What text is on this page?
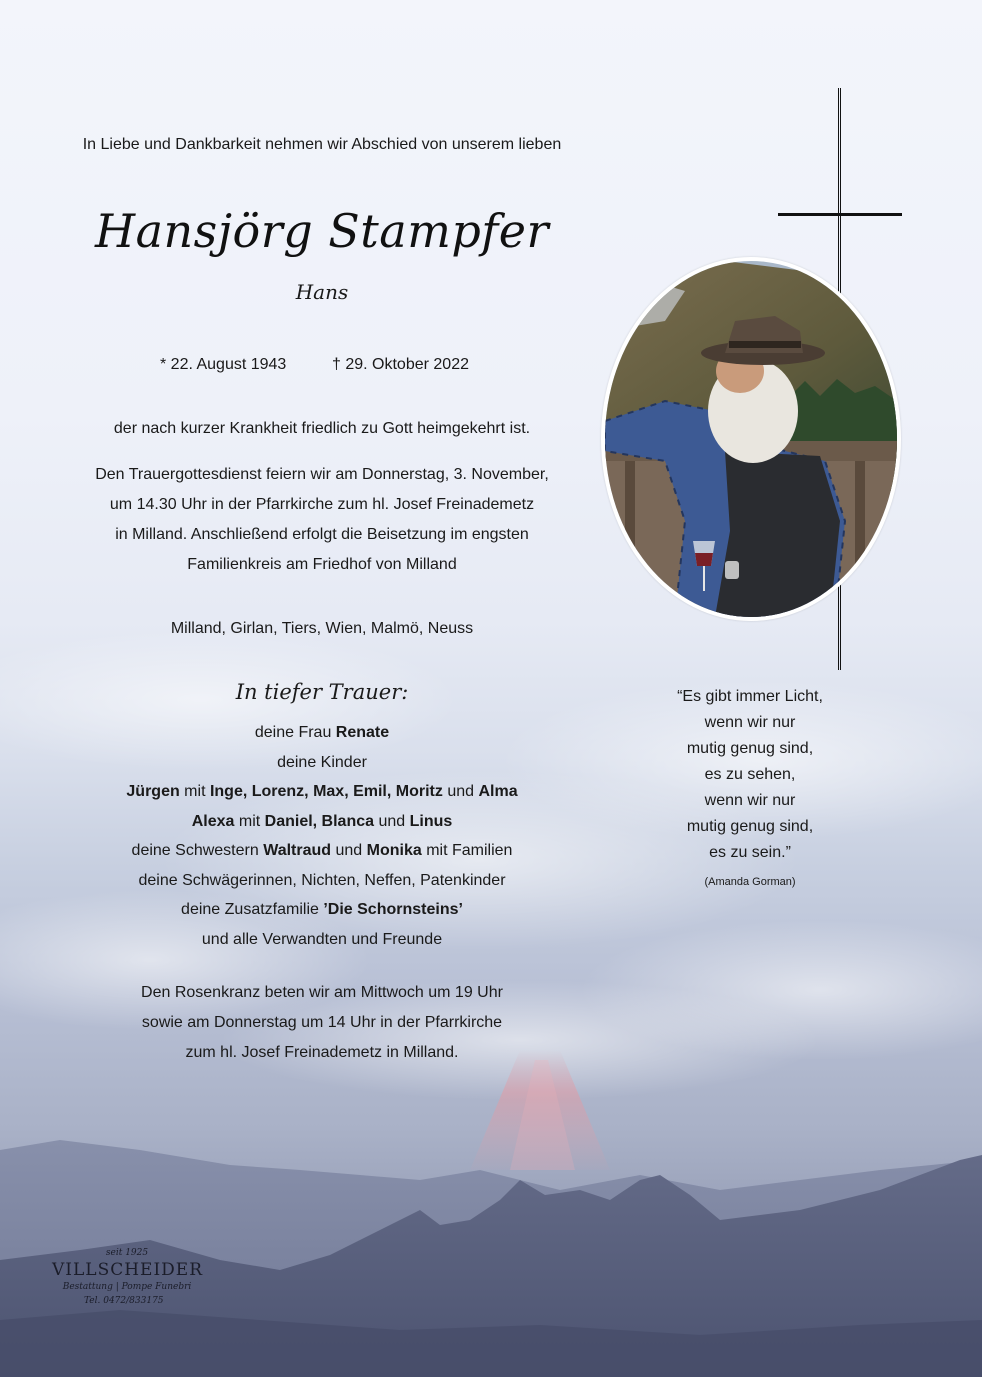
In Liebe und Dankbarkeit nehmen wir Abschied von unserem lieben
Hansjörg Stampfer
Hans
* 22. August 1943	† 29. Oktober 2022
der nach kurzer Krankheit friedlich zu Gott heimgekehrt ist.
Den Trauergottesdienst feiern wir am Donnerstag, 3. November,
um 14.30 Uhr in der Pfarrkirche zum hl. Josef Freinademetz
in Milland. Anschließend erfolgt die Beisetzung im engsten
Familienkreis am Friedhof von Milland
Milland, Girlan, Tiers, Wien, Malmö, Neuss
In tiefer Trauer:
deine Frau Renate
deine Kinder
Jürgen mit Inge, Lorenz, Max, Emil, Moritz und Alma
Alexa mit Daniel, Blanca und Linus
deine Schwestern Waltraud und Monika mit Familien
deine Schwägerinnen, Nichten, Neffen, Patenkinder
deine Zusatzfamilie ’Die Schornsteins’
und alle Verwandten und Freunde
Den Rosenkranz beten wir am Mittwoch um 19 Uhr
sowie am Donnerstag um 14 Uhr in der Pfarrkirche
zum hl. Josef Freinademetz in Milland.
“Es gibt immer Licht,
wenn wir nur
mutig genug sind,
es zu sehen,
wenn wir nur
mutig genug sind,
es zu sein.”
(Amanda Gorman)
seit 1925
VILLSCHEIDER
Bestattung | Pompe Funebri
Tel. 0472/833175
